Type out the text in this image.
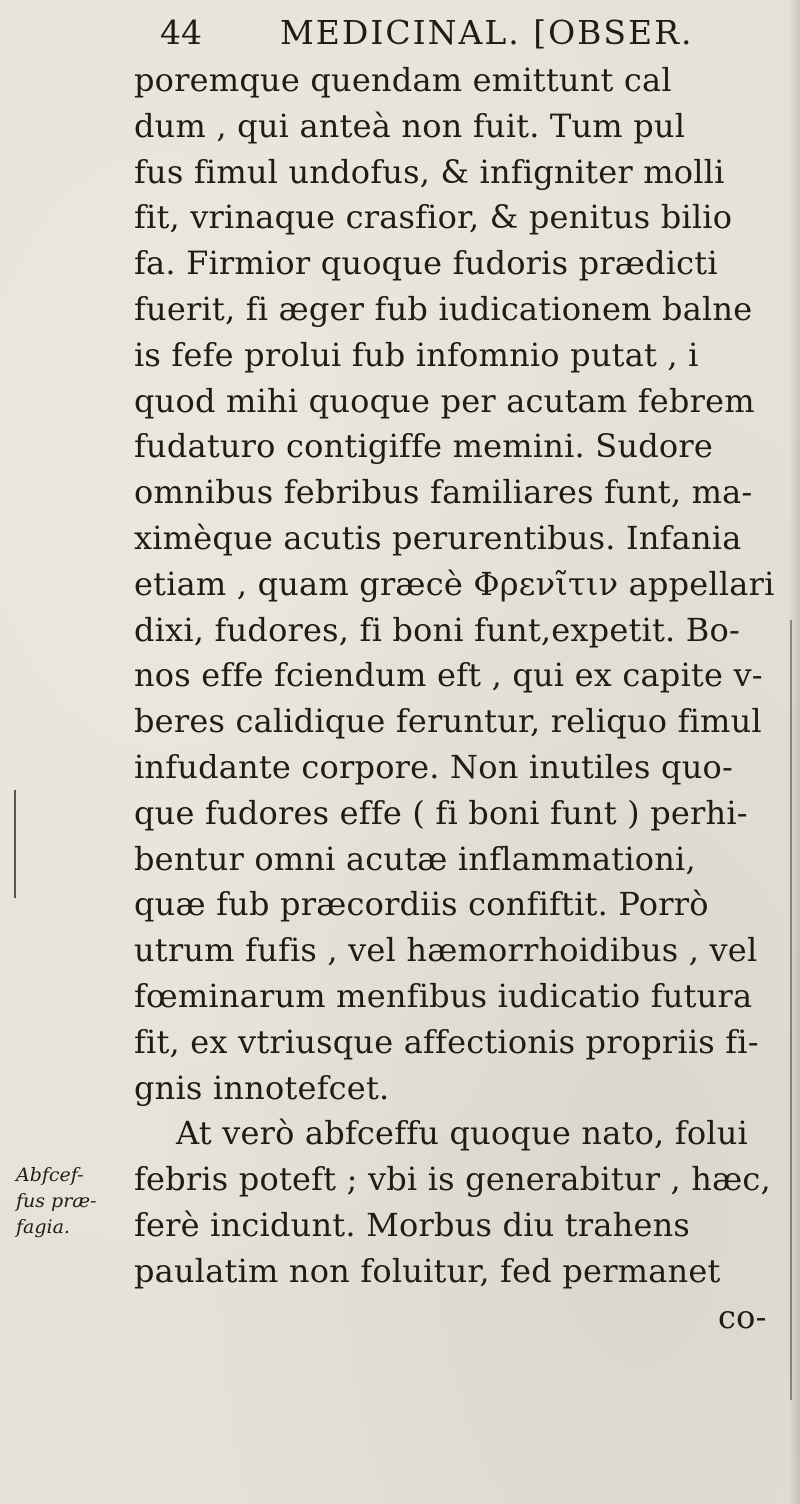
44 MEDICINAL. [OBSER.
poremque quendam emittunt cal
dum , qui anteà non fuit. Tum pul
fus fimul undofus, & infigniter molli
fit, vrinaque crasfior, & penitus bilio
fa. Firmior quoque fudoris prædicti
fuerit, fi æger fub iudicationem balne
is fefe prolui fub infomnio putat , i
quod mihi quoque per acutam febrem
fudaturo contigiffe memini. Sudore
omnibus febribus familiares funt, ma-
ximèque acutis perurentibus. Infania
etiam , quam græcè Φρενῖτιν appellari
dixi, fudores, fi boni funt,expetit. Bo-
nos effe fciendum eft , qui ex capite v-
beres calidique feruntur, reliquo fimul
infudante corpore. Non inutiles quo-
que fudores effe ( fi boni funt ) perhi-
bentur omni acutæ inflammationi,
quæ fub præcordiis confiftit. Porrò
utrum fufis , vel hæmorrhoidibus , vel
fœminarum menfibus iudicatio futura
fit, ex vtriusque affectionis propriis fi-
gnis innotefcet.
At verò abfceffu quoque nato, folui
febris poteft ; vbi is generabitur , hæc,
ferè incidunt. Morbus diu trahens
paulatim non foluitur, fed permanet
co-
Abfcef-
fus præ-
fagia.
